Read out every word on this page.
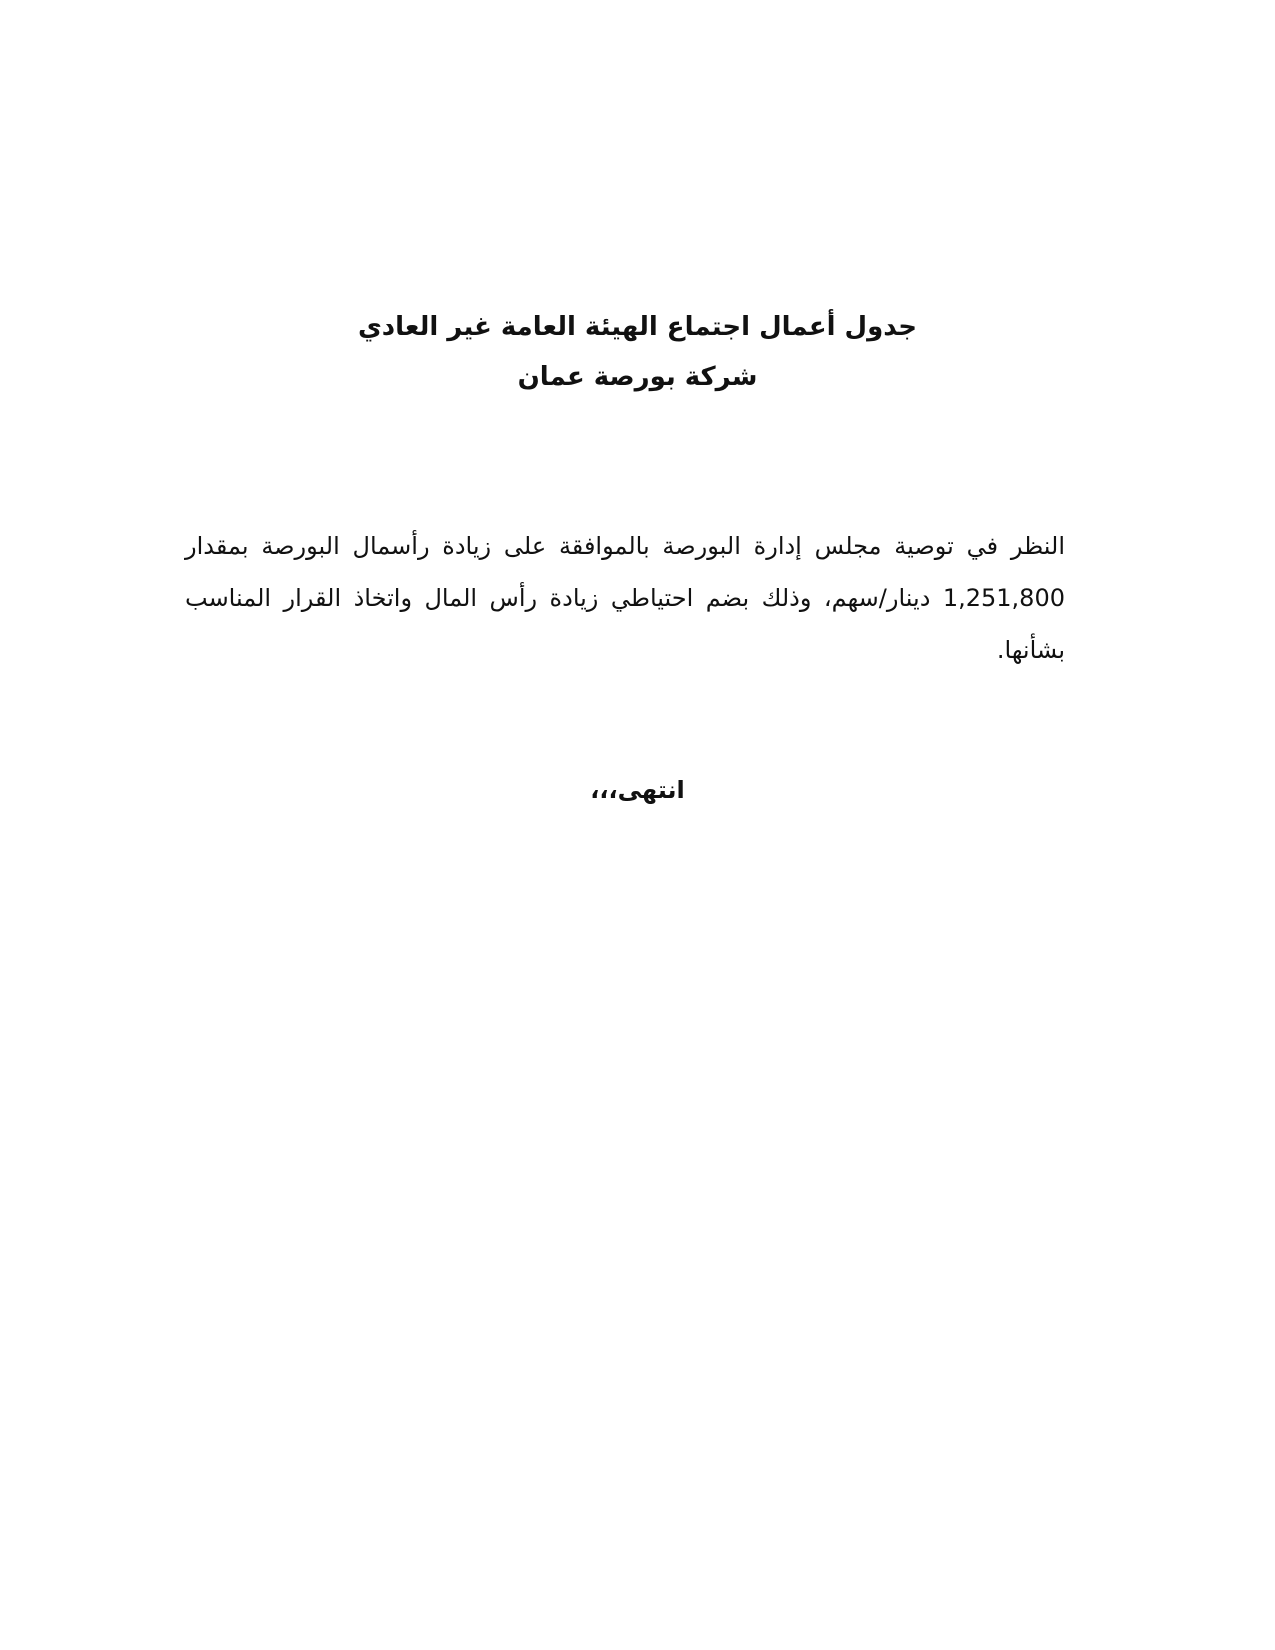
جدول أعمال اجتماع الهيئة العامة غير العادي
شركة بورصة عمان

النظر في توصية مجلس إدارة البورصة بالموافقة على زيادة رأسمال البورصة بمقدار 1,251,800 دينار/سهم، وذلك بضم احتياطي زيادة رأس المال واتخاذ القرار المناسب بشأنها.

انتهى،،،
